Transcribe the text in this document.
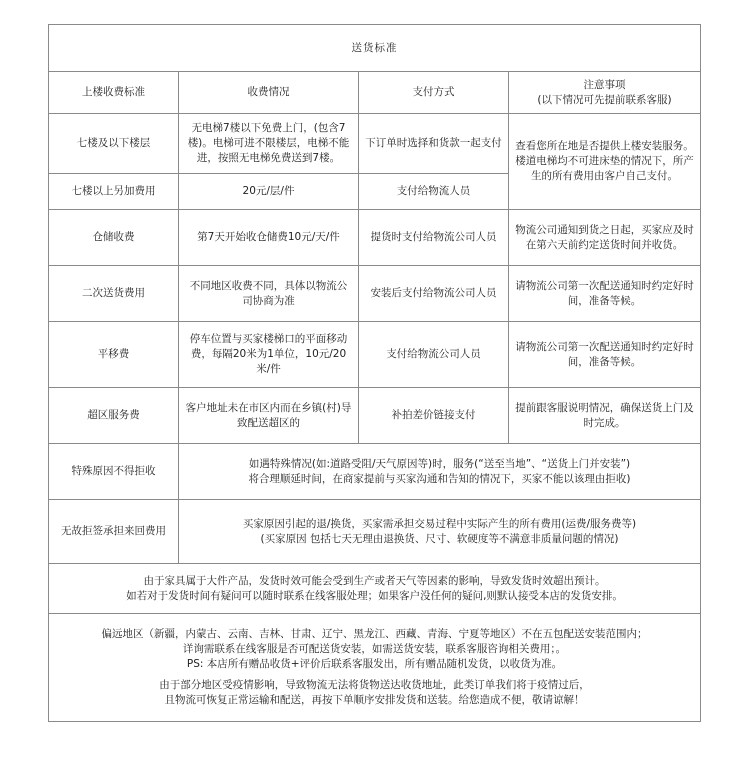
送货标准			
上楼收费标准	收费情况	支付方式	注意事项
(以下情况可先提前联系客服)

七楼及以下楼层	无电梯7楼以下免费上门，(包含7楼)。电梯可进不限楼层，电梯不能进，按照无电梯免费送到7楼。	下订单时选择和货款一起支付	查看您所在地是否提供上楼安装服务。楼道电梯均不可进床垫的情况下，所产生的所有费用由客户自己支付。
七楼以上另加费用	20元/层/件	支付给物流人员	
仓储收费	第7天开始收仓储费10元/天/件	提货时支付给物流公司人员	物流公司通知到货之日起，买家应及时在第六天前约定送货时间并收货。
二次送货费用	不同地区收费不同，具体以物流公司协商为准	安装后支付给物流公司人员	请物流公司第一次配送通知时约定好时间，准备等候。
平移费	停车位置与买家楼梯口的平面移动费，每隔20米为1单位，10元/20米/件	支付给物流公司人员	请物流公司第一次配送通知时约定好时间，准备等候。
超区服务费	客户地址未在市区内而在乡镇(村)导致配送超区的	补拍差价链接支付	提前跟客服说明情况，确保送货上门及时完成。
特殊原因不得拒收	如遇特殊情况(如:道路受阻/天气原因等)时，服务(“送至当地”、“送货上门并安装”)
将合理顺延时间，在商家提前与买家沟通和告知的情况下，买家不能以该理由拒收)		

无故拒签承担来回费用	买家原因引起的退/换货，买家需承担交易过程中实际产生的所有费用(运费/服务费等)
(买家原因 包括七天无理由退换货、尺寸、软硬度等不满意非质量问题的情况)		

由于家具属于大件产品，发货时效可能会受到生产或者天气等因素的影响，导致发货时效超出预计。
如若对于发货时间有疑问可以随时联系在线客服处理；如果客户没任何的疑问,则默认接受本店的发货安排。			

偏远地区（新疆，内蒙古、云南、吉林、甘肃、辽宁、黑龙江、西藏、青海、宁夏等地区）不在五包配送安装范围内；
详询需联系在线客服是否可配送货安装，如需送货安装，联系客服咨询相关费用；。
PS: 本店所有赠品收货+评价后联系客服发出，所有赠品随机发货，以收货为准。
由于部分地区受疫情影响，导致物流无法将货物送达收货地址，此类订单我们将于疫情过后，
且物流可恢复正常运输和配送，再按下单顺序安排发货和送装。给您造成不便，敬请谅解！			
